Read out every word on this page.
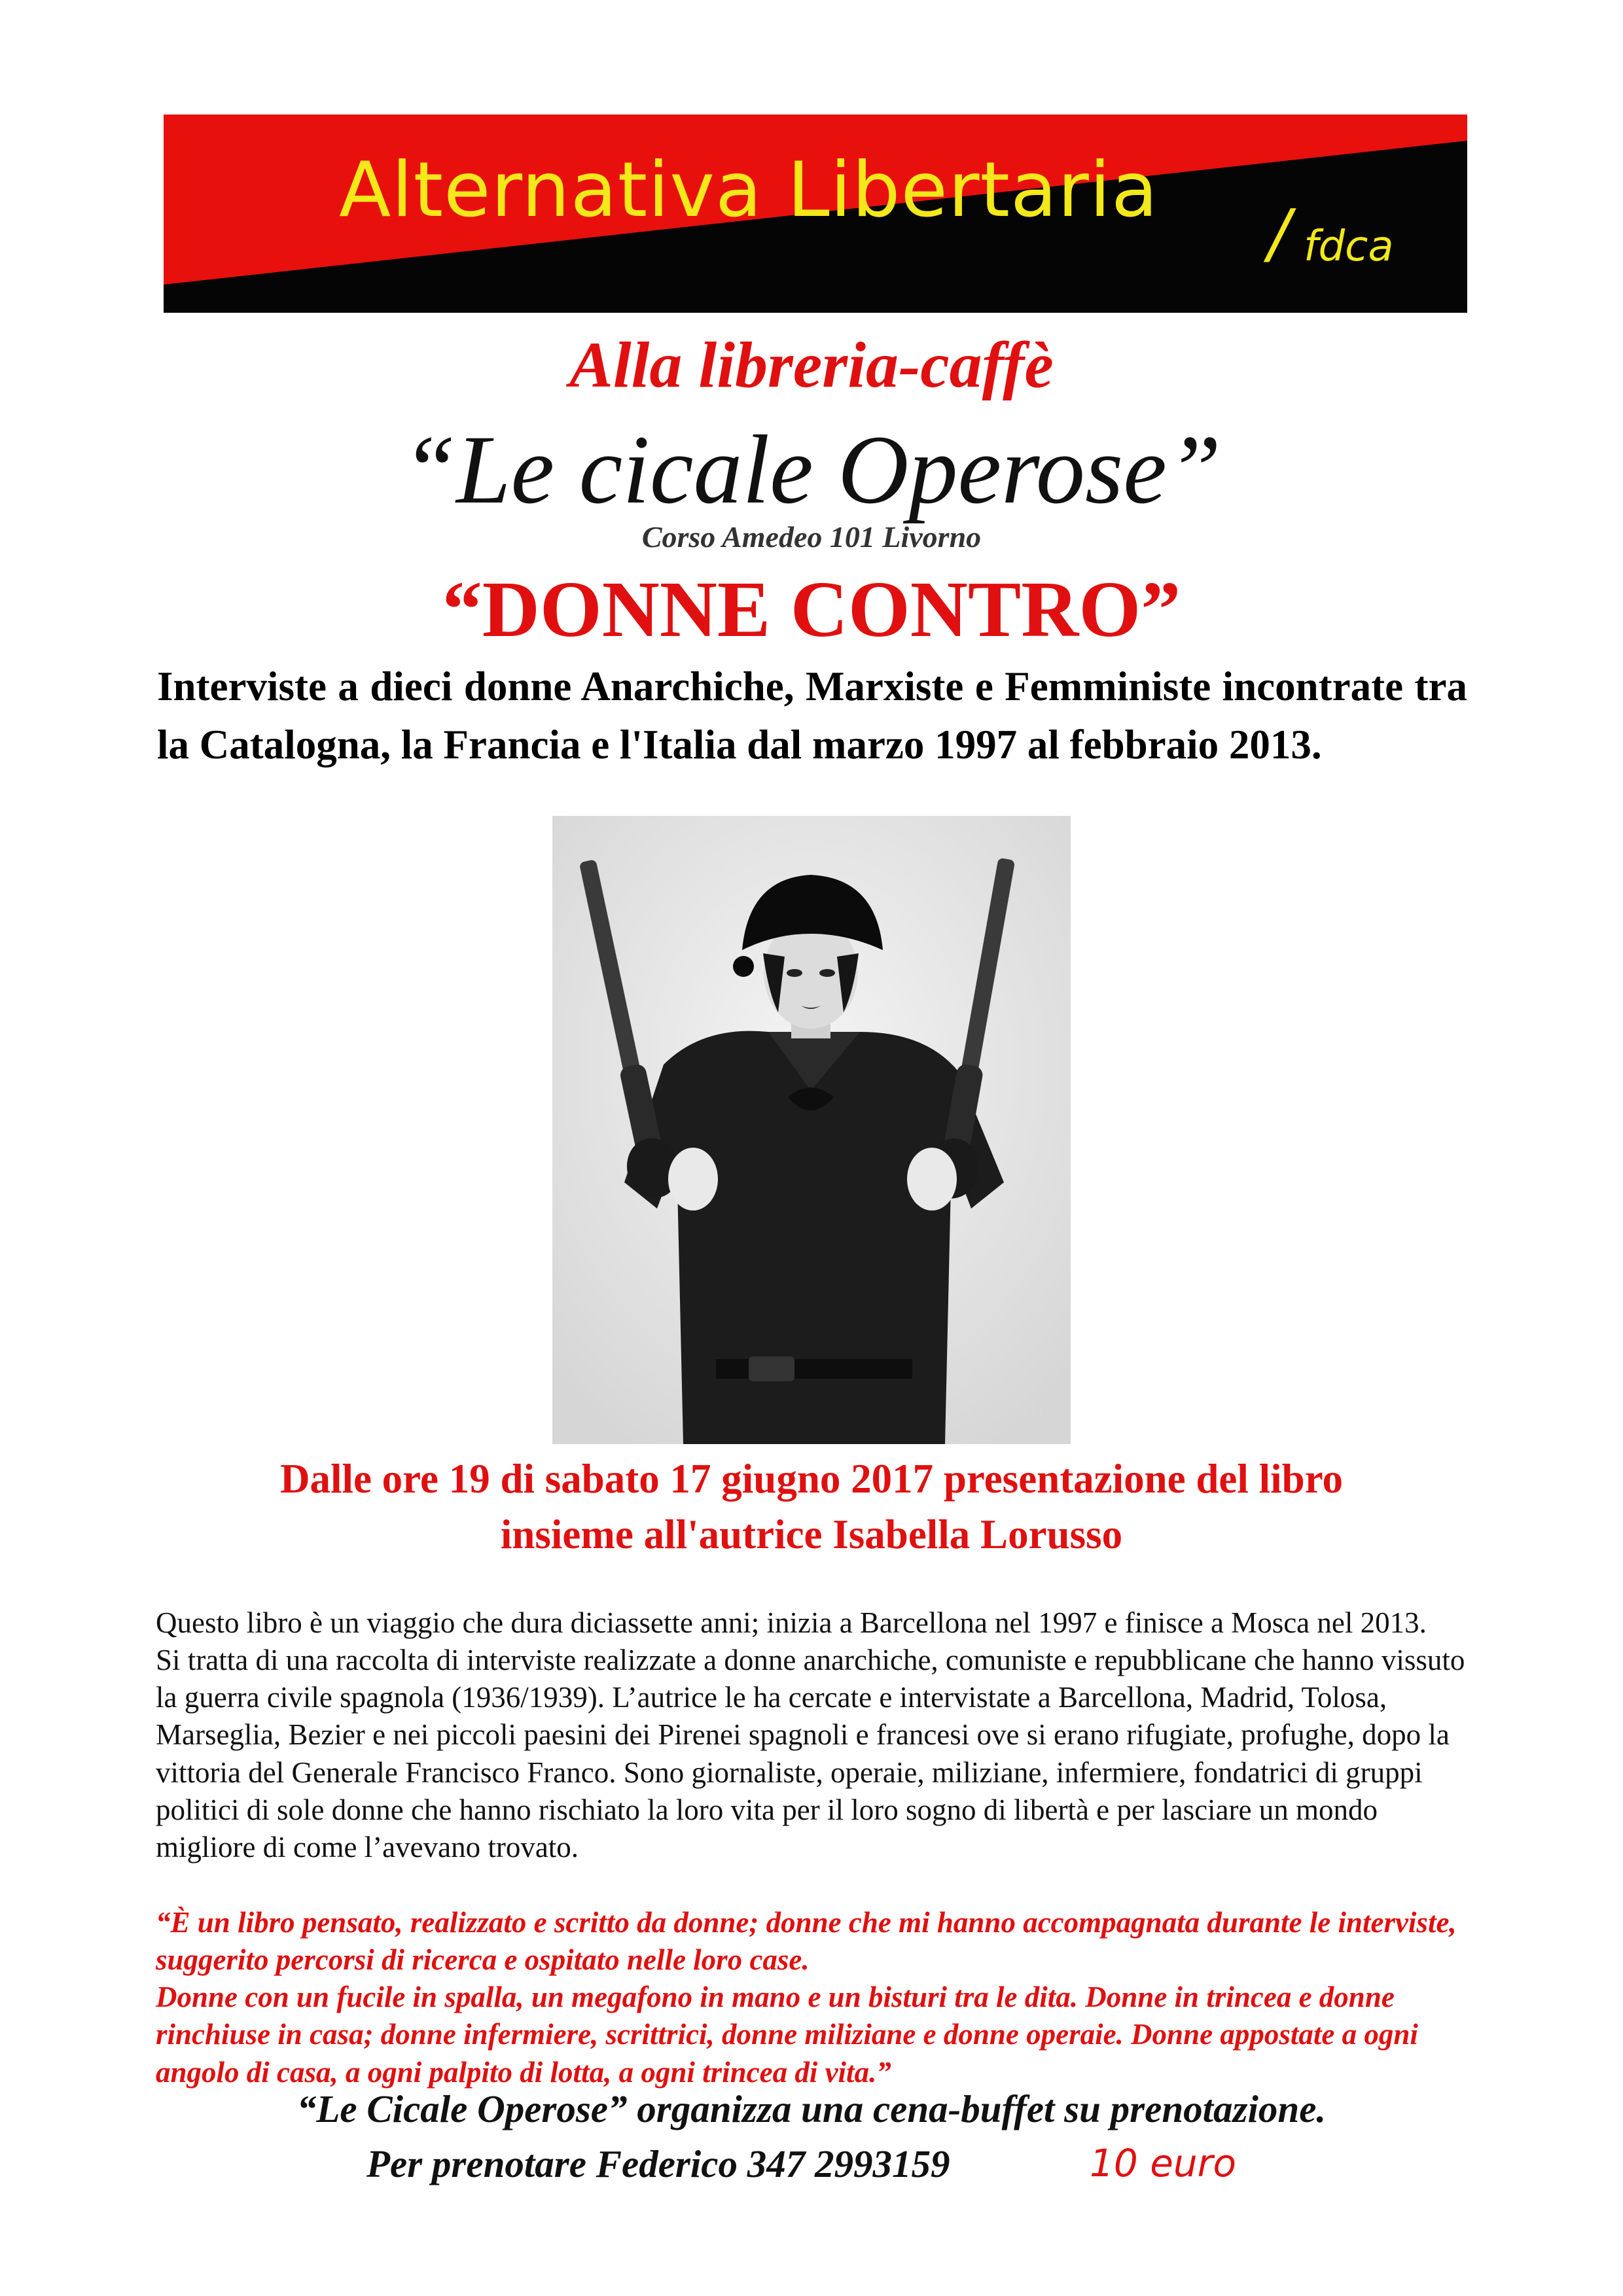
Alternativa Libertaria / fdca
Alla libreria-caffè
“Le cicale Operose”
Corso Amedeo 101 Livorno
“DONNE CONTRO”
Interviste a dieci donne Anarchiche, Marxiste e Femministe incontrate tra la Catalogna, la Francia e l'Italia dal marzo 1997 al febbraio 2013.
P.S.F. 3611
Dalle ore 19 di sabato 17 giugno 2017 presentazione del libro
insieme all'autrice Isabella Lorusso

Questo libro è un viaggio che dura diciassette anni; inizia a Barcellona nel 1997 e finisce a Mosca nel 2013.

Si tratta di una raccolta di interviste realizzate a donne anarchiche, comuniste e repubblicane che hanno vissuto la guerra civile spagnola (1936/1939). L’autrice le ha cercate e intervistate a Barcellona, Madrid, Tolosa, Marseglia, Bezier e nei piccoli paesini dei Pirenei spagnoli e francesi ove si erano rifugiate, profughe, dopo la vittoria del Generale Francisco Franco. Sono giornaliste, operaie, miliziane, infermiere, fondatrici di gruppi politici di sole donne che hanno rischiato la loro vita per il loro sogno di libertà e per lasciare un mondo migliore di come l’avevano trovato.

“È un libro pensato, realizzato e scritto da donne; donne che mi hanno accompagnata durante le interviste, suggerito percorsi di ricerca e ospitato nelle loro case.

Donne con un fucile in spalla, un megafono in mano e un bisturi tra le dita. Donne in trincea e donne rinchiuse in casa; donne infermiere, scrittrici, donne miliziane e donne operaie. Donne appostate a ogni angolo di casa, a ogni palpito di lotta, a ogni trincea di vita.”

“Le Cicale Operose” organizza una cena-buffet su prenotazione.
Per prenotare Federico 347 2993159	10 euro
